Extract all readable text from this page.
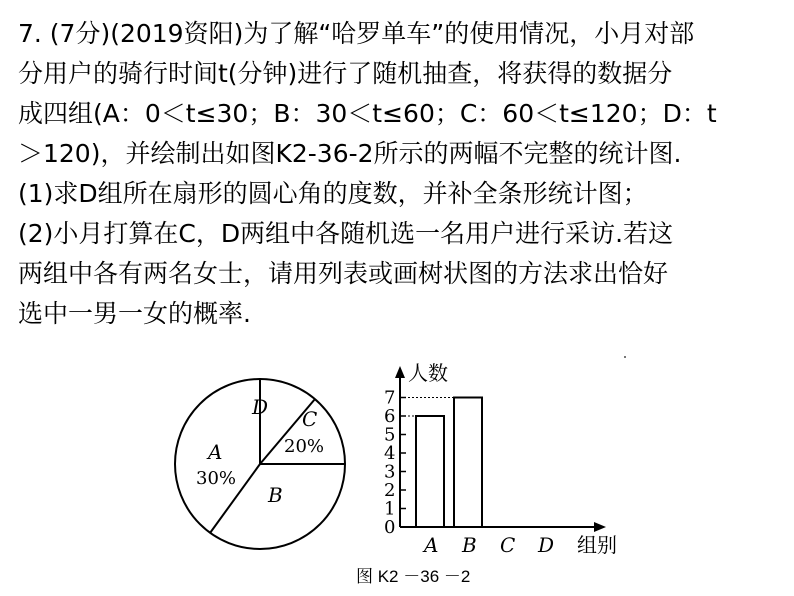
7. (7分)(2019资阳)为了解“哈罗单车”的使用情况，小月对部
分用户的骑行时间t(分钟)进行了随机抽查，将获得的数据分
成四组(A：0＜t≤30；B：30＜t≤60；C：60＜t≤120；D：t
＞120)，并绘制出如图K2-36-2所示的两幅不完整的统计图.
(1)求D组所在扇形的圆心角的度数，并补全条形统计图；
(2)小月打算在C，D两组中各随机选一名用户进行采访.若这
两组中各有两名女士，请用列表或画树状图的方法求出恰好
选中一男一女的概率.
D C
20%
A
30%
B
0
1
2
3
4
5
6
7
A B C D
人数
组别
图 K2 －36 －2
